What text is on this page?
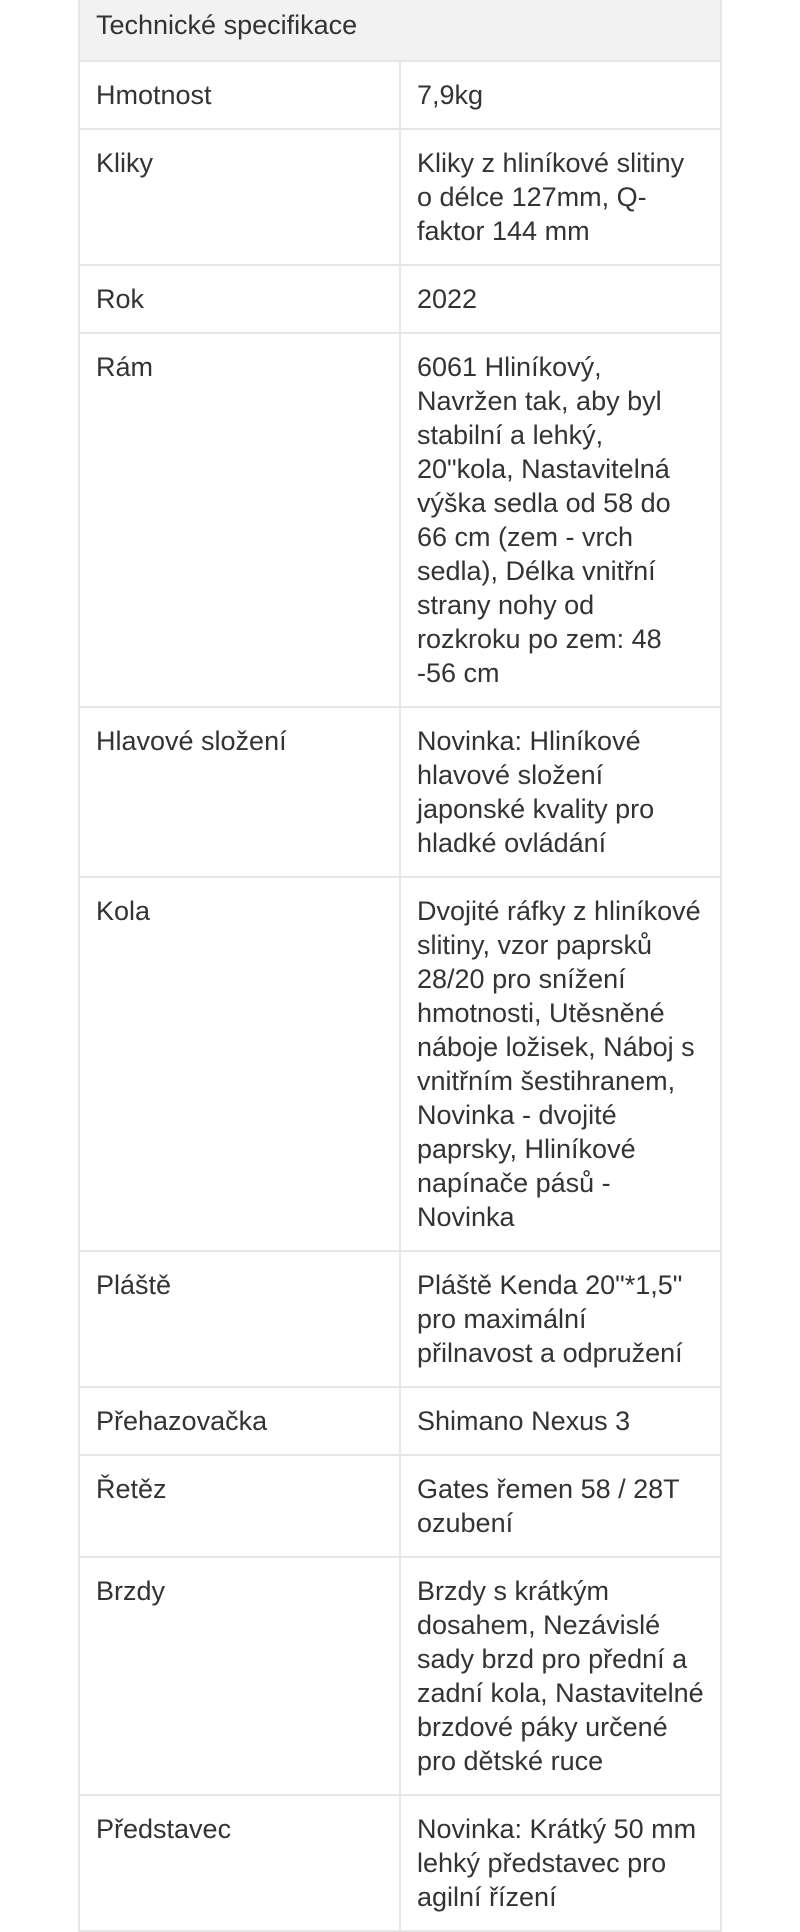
Technické specifikace	
Hmotnost	7,9kg
Kliky	Kliky z hliníkové slitiny o délce 127mm, Q-faktor 144 mm
Rok	2022
Rám	6061 Hliníkový, Navržen tak, aby byl stabilní a lehký, 20"kola, Nastavitelná výška sedla od 58 do 66 cm (zem - vrch sedla), Délka vnitřní strany nohy od rozkroku po zem: 48 -56 cm
Hlavové složení	Novinka: Hliníkové hlavové složení japonské kvality pro hladké ovládání
Kola	Dvojité ráfky z hliníkové slitiny, vzor paprsků 28/20 pro snížení hmotnosti, Utěsněné náboje ložisek, Náboj s vnitřním šestihranem, Novinka - dvojité paprsky, Hliníkové napínače pásů - Novinka
Pláště	Pláště Kenda 20"*1,5" pro maximální přilnavost a odpružení
Přehazovačka	Shimano Nexus 3
Řetěz	Gates řemen 58 / 28T ozubení
Brzdy	Brzdy s krátkým dosahem, Nezávislé sady brzd pro přední a zadní kola, Nastavitelné brzdové páky určené pro dětské ruce
Představec	Novinka: Krátký 50 mm lehký představec pro agilní řízení
